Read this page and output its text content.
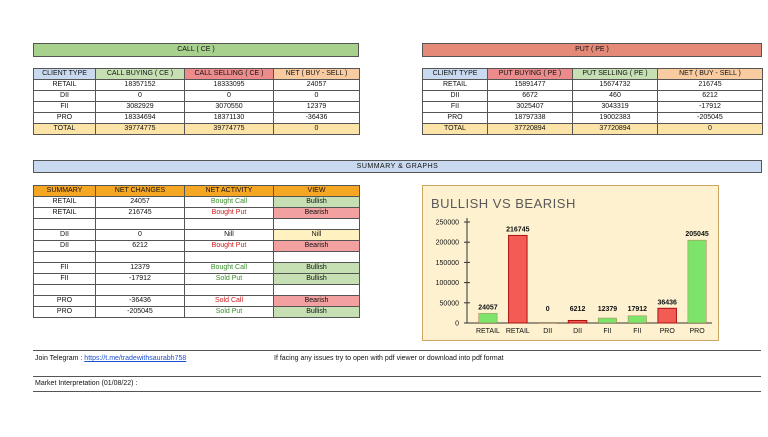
CALL ( CE )
CLIENT TYPE	CALL BUYING ( CE )	CALL SELLING ( CE )	NET ( BUY - SELL )
RETAIL	18357152	18333095	24057
DII	0	0	0
FII	3082929	3070550	12379
PRO	18334694	18371130	-36436
TOTAL	39774775	39774775	0
PUT ( PE )
CLIENT TYPE	PUT BUYING ( PE )	PUT SELLING ( PE )	NET ( BUY - SELL )
RETAIL	15891477	15674732	216745
DII	6672	460	6212
FII	3025407	3043319	-17912
PRO	18797338	19002383	-205045
TOTAL	37720894	37720894	0
SUMMARY & GRAPHS
SUMMARY	NET CHANGES	NET ACTIVITY	VIEW
RETAIL	24057	Bought Call	Bullish
RETAIL	216745	Bought Put	Bearish

DII	0	Nill	Nill
DII	6212	Bought Put	Bearish

FII	12379	Bought Call	Bullish
FII	-17912	Sold Put	Bullish

PRO	-36436	Sold Call	Bearish
PRO	-205045	Sold Put	Bullish
BULLISH VS BEARISH
0
50000
100000
150000
200000
250000
24057
RETAIL
216745
RETAIL
0
DII
6212
DII
12379
FII
17912
FII
36436
PRO
205045
PRO
Join Telegram : https://t.me/tradewithsaurabh758	If facing any issues try to open with pdf viewer or download into pdf format
Market Interpretation (01/08/22) :
